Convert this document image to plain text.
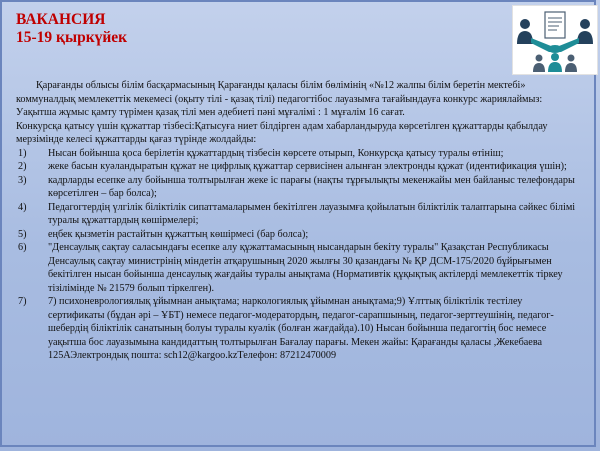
ВАКАНСИЯ
15-19 қыркүйек

Қарағанды облысы білім басқармасының Қарағанды қаласы білім бөлімінің «№12 жалпы білім беретін мектебі» коммуналдық мемлекеттік мекемесі (оқыту тілі - қазақ тілі) педагогтібос лауазымға тағайындауға конкурс жариялаймыз:

Уақытша жұмыс қамту түрімен қазақ тілі мен әдебиеті пәні мұғалімі : 1 мұғалім 16 сағат.

Конкурсқа қатысу үшін құжаттар тізбесі:Қатысуға ниет білдірген адам хабарландыруда көрсетілген құжаттарды қабылдау мерзімінде келесі құжаттарды қағаз түрінде жолдайды:

1)	Нысан бойынша қоса берілетін құжаттардың тізбесін көрсете отырып, Конкурсқа қатысу туралы өтініш;
2)	жеке басын куәландыратын құжат не цифрлық құжаттар сервисінен алынған электронды құжат (идентификация үшін);
3)	кадрларды есепке алу бойынша толтырылған жеке іс парағы (нақты тұрғылықты мекенжайы мен байланыс телефондары көрсетілген – бар болса);
4)	Педагогтердің үлгілік біліктілік сипаттамаларымен бекітілген лауазымға қойылатын біліктілік талаптарына сәйкес білімі туралы құжаттардың көшірмелері;
5)	еңбек қызметін растайтын құжаттың көшірмесі (бар болса);
6)	"Денсаулық сақтау саласындағы есепке алу құжаттамасының нысандарын бекіту туралы" Қазақстан Республикасы Денсаулық сақтау министрінің міндетін атқарушының 2020 жылғы 30 қазандағы № ҚР ДСМ-175/2020 бұйрығымен бекітілген нысан бойынша денсаулық жағдайы туралы анықтама (Нормативтік құқықтық актілерді мемлекеттік тіркеу тізілімінде № 21579 болып тіркелген).
7)	7) психоневрологиялық ұйымнан анықтама; наркологиялық ұйымнан анықтама;9) Ұлттық біліктілік тестілеу сертификаты (бұдан әрі – ҰБТ) немесе педагог-модератордың, педагог-сарапшының, педагог-зерттеушінің, педагог-шебердің біліктілік санатының болуы туралы куәлік (болған жағдайда).10) Нысан бойынша педагогтің бос немесе уақытша бос лауазымына кандидаттың толтырылған Бағалау парағы. Мекен жайы: Қарағанды қаласы ,Жекебаева 125АЭлектрондық пошта: sch12@kargoo.kzТелефон: 87212470009
